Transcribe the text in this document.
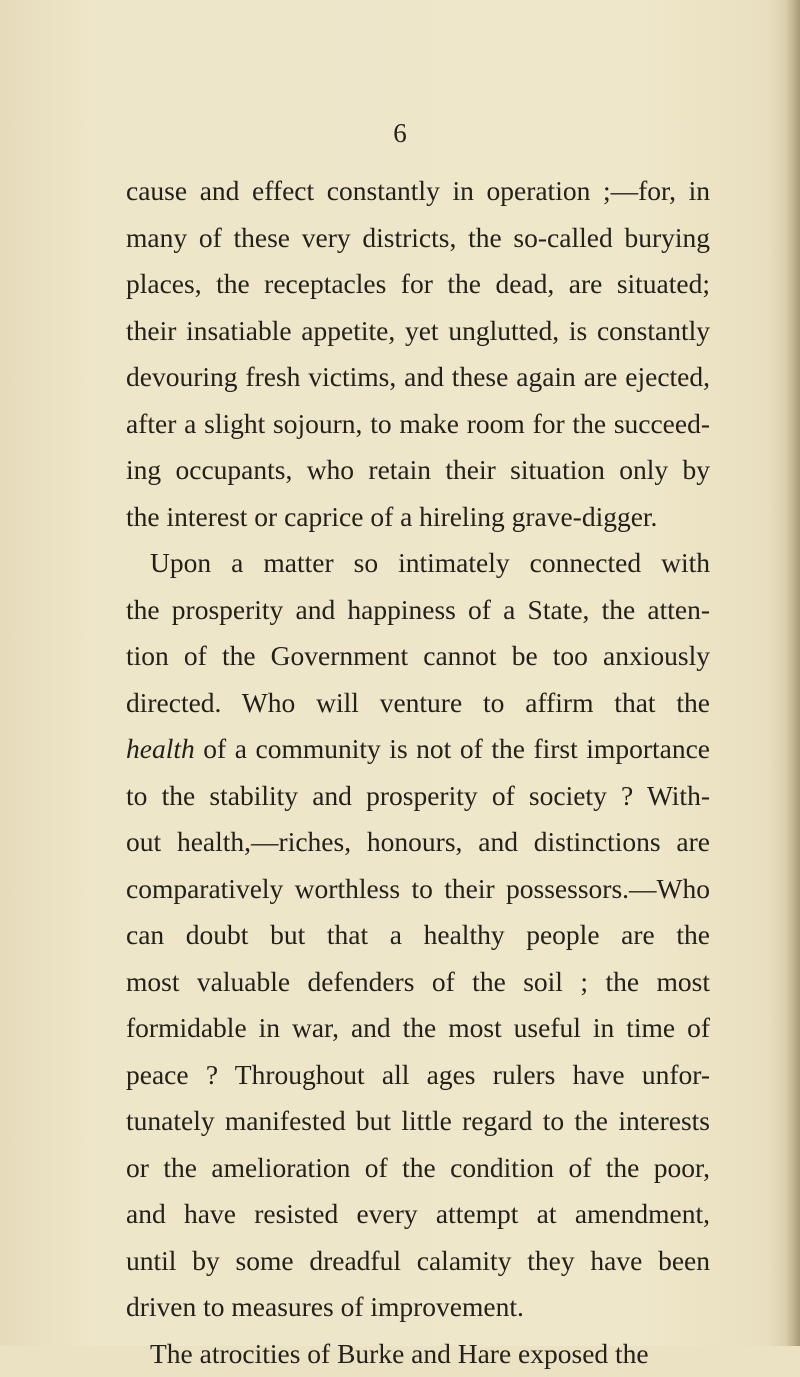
6
cause and effect constantly in operation ;—for, in
many of these very districts, the so-called burying
places, the receptacles for the dead, are situated;
their insatiable appetite, yet unglutted, is constantly
devouring fresh victims, and these again are ejected,
after a slight sojourn, to make room for the succeed-
ing occupants, who retain their situation only by
the interest or caprice of a hireling grave-digger.
Upon a matter so intimately connected with
the prosperity and happiness of a State, the atten-
tion of the Government cannot be too anxiously
directed. Who will venture to affirm that the
health of a community is not of the first importance
to the stability and prosperity of society ? With-
out health,—riches, honours, and distinctions are
comparatively worthless to their possessors.—Who
can doubt but that a healthy people are the
most valuable defenders of the soil ; the most
formidable in war, and the most useful in time of
peace ? Throughout all ages rulers have unfor-
tunately manifested but little regard to the interests
or the amelioration of the condition of the poor,
and have resisted every attempt at amendment,
until by some dreadful calamity they have been
driven to measures of improvement.
The atrocities of Burke and Hare exposed the
